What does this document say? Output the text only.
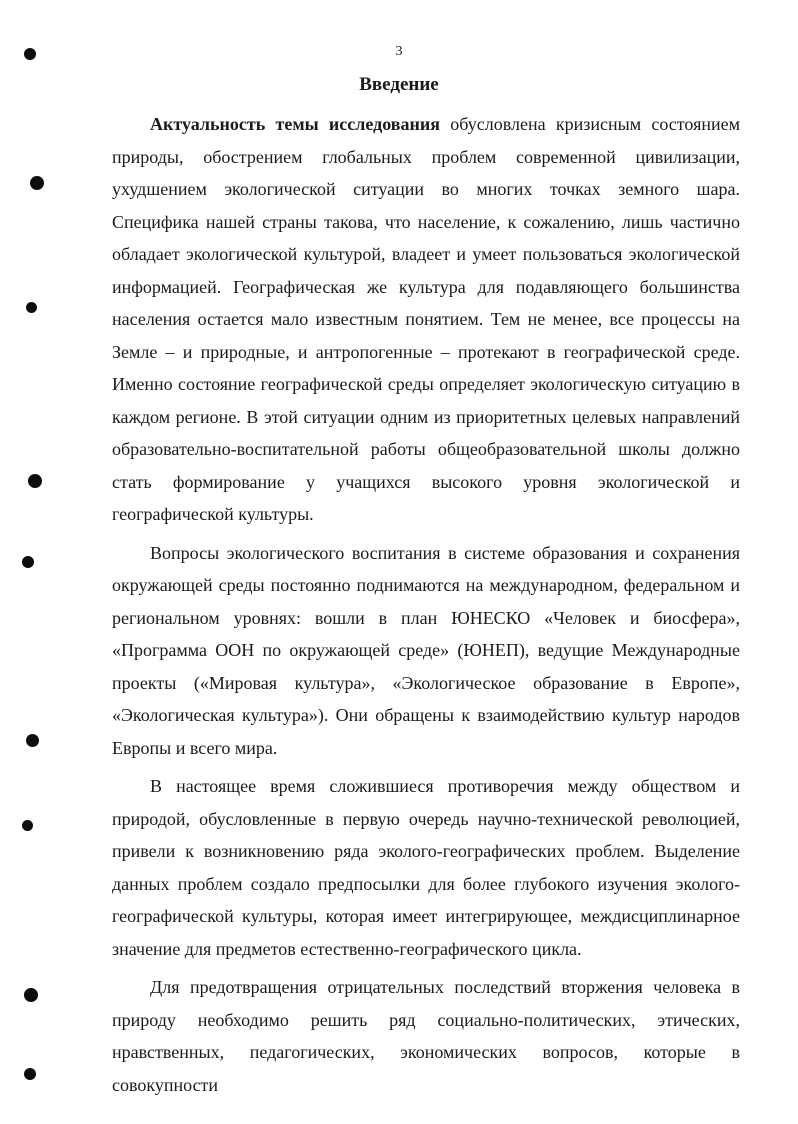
3
Введение

Актуальность темы исследования обусловлена кризисным состоянием природы, обострением глобальных проблем современной цивилизации, ухудшением экологической ситуации во многих точках земного шара. Специфика нашей страны такова, что население, к сожалению, лишь частично обладает экологической культурой, владеет и умеет пользоваться экологической информацией. Географическая же культура для подавляющего большинства населения остается мало известным понятием. Тем не менее, все процессы на Земле – и природные, и антропогенные – протекают в географической среде. Именно состояние географической среды определяет экологическую ситуацию в каждом регионе. В этой ситуации одним из приоритетных целевых направлений образовательно-воспитательной работы общеобразовательной школы должно стать формирование у учащихся высокого уровня экологической и географической культуры.

Вопросы экологического воспитания в системе образования и сохранения окружающей среды постоянно поднимаются на международном, федеральном и региональном уровнях: вошли в план ЮНЕСКО «Человек и биосфера», «Программа ООН по окружающей среде» (ЮНЕП), ведущие Международные проекты («Мировая культура», «Экологическое образование в Европе», «Экологическая культура»). Они обращены к взаимодействию культур народов Европы и всего мира.

В настоящее время сложившиеся противоречия между обществом и природой, обусловленные в первую очередь научно-технической революцией, привели к возникновению ряда эколого-географических проблем. Выделение данных проблем создало предпосылки для более глубокого изучения эколого-географической культуры, которая имеет интегрирующее, междисциплинарное значение для предметов естественно-географического цикла.

Для предотвращения отрицательных последствий вторжения человека в природу необходимо решить ряд социально-политических, этических, нравственных, педагогических, экономических вопросов, которые в совокупности
